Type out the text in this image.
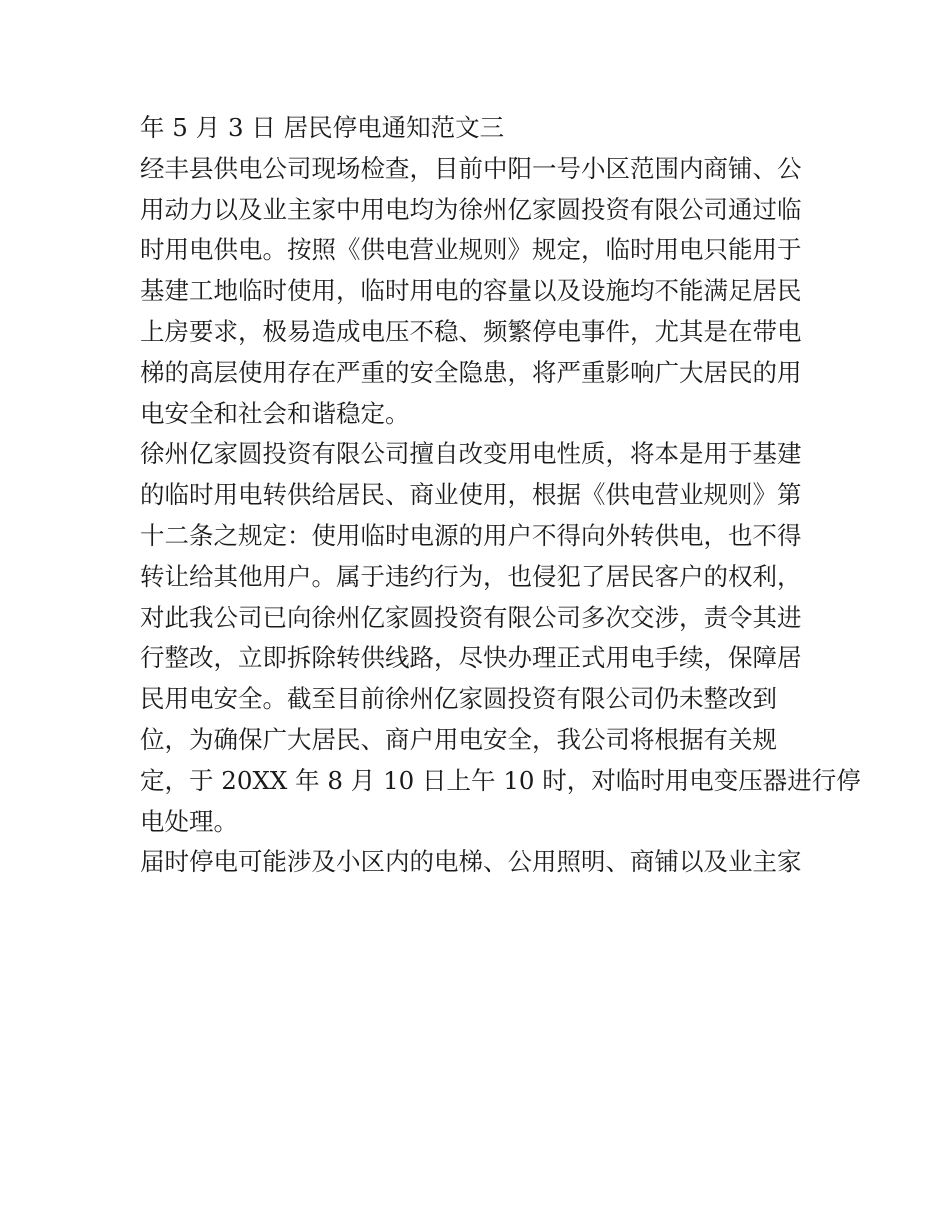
年 5 月 3 日 居民停电通知范文三
经丰县供电公司现场检查，目前中阳一号小区范围内商铺、公
用动力以及业主家中用电均为徐州亿家圆投资有限公司通过临
时用电供电。按照《供电营业规则》规定，临时用电只能用于
基建工地临时使用，临时用电的容量以及设施均不能满足居民
上房要求，极易造成电压不稳、频繁停电事件，尤其是在带电
梯的高层使用存在严重的安全隐患，将严重影响广大居民的用
电安全和社会和谐稳定。
徐州亿家圆投资有限公司擅自改变用电性质，将本是用于基建
的临时用电转供给居民、商业使用，根据《供电营业规则》第
十二条之规定：使用临时电源的用户不得向外转供电，也不得
转让给其他用户。属于违约行为，也侵犯了居民客户的权利，
对此我公司已向徐州亿家圆投资有限公司多次交涉，责令其进
行整改，立即拆除转供线路，尽快办理正式用电手续，保障居
民用电安全。截至目前徐州亿家圆投资有限公司仍未整改到
位，为确保广大居民、商户用电安全，我公司将根据有关规
定，于 20XX 年 8 月 10 日上午 10 时，对临时用电变压器进行停
电处理。
届时停电可能涉及小区内的电梯、公用照明、商铺以及业主家
